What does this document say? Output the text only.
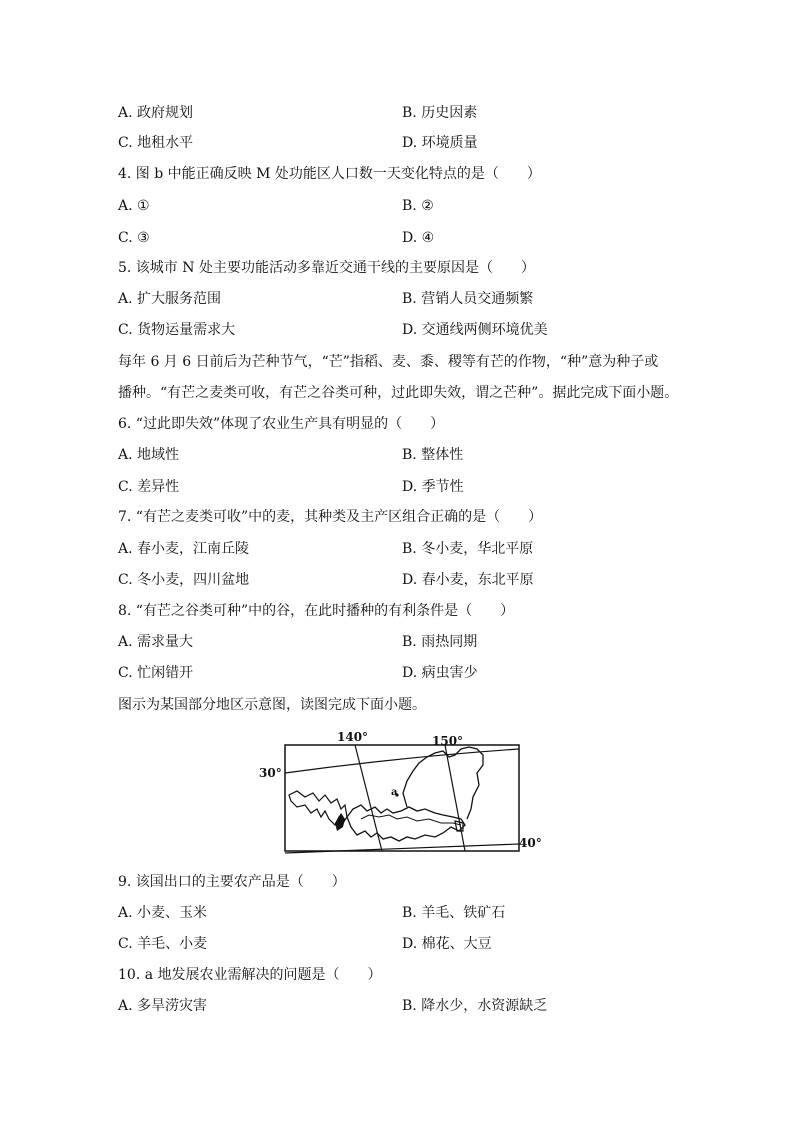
A. 政府规划	B. 历史因素
C. 地租水平	D. 环境质量
4. 图 b 中能正确反映 M 处功能区人口数一天变化特点的是（　　）
A. ①	B. ②
C. ③	D. ④
5. 该城市 N 处主要功能活动多靠近交通干线的主要原因是（　　）
A. 扩大服务范围	B. 营销人员交通频繁
C. 货物运量需求大	D. 交通线两侧环境优美
每年 6 月 6 日前后为芒种节气，“芒”指稻、麦、黍、稷等有芒的作物，“种”意为种子或
播种。“有芒之麦类可收，有芒之谷类可种，过此即失效，谓之芒种”。据此完成下面小题。
6. “过此即失效”体现了农业生产具有明显的（　　）
A. 地域性	B. 整体性
C. 差异性	D. 季节性
7. “有芒之麦类可收”中的麦，其种类及主产区组合正确的是（　　）
A. 春小麦，江南丘陵	B. 冬小麦，华北平原
C. 冬小麦，四川盆地	D. 春小麦，东北平原
8. “有芒之谷类可种”中的谷，在此时播种的有利条件是（　　）
A. 需求量大	B. 雨热同期
C. 忙闲错开	D. 病虫害少
图示为某国部分地区示意图，读图完成下面小题。
9. 该国出口的主要农产品是（　　）
A. 小麦、玉米	B. 羊毛、铁矿石
C. 羊毛、小麦	D. 棉花、大豆
10. a 地发展农业需解决的问题是（　　）
A. 多旱涝灾害	B. 降水少，水资源缺乏
140°	150°
30°
40°
a
